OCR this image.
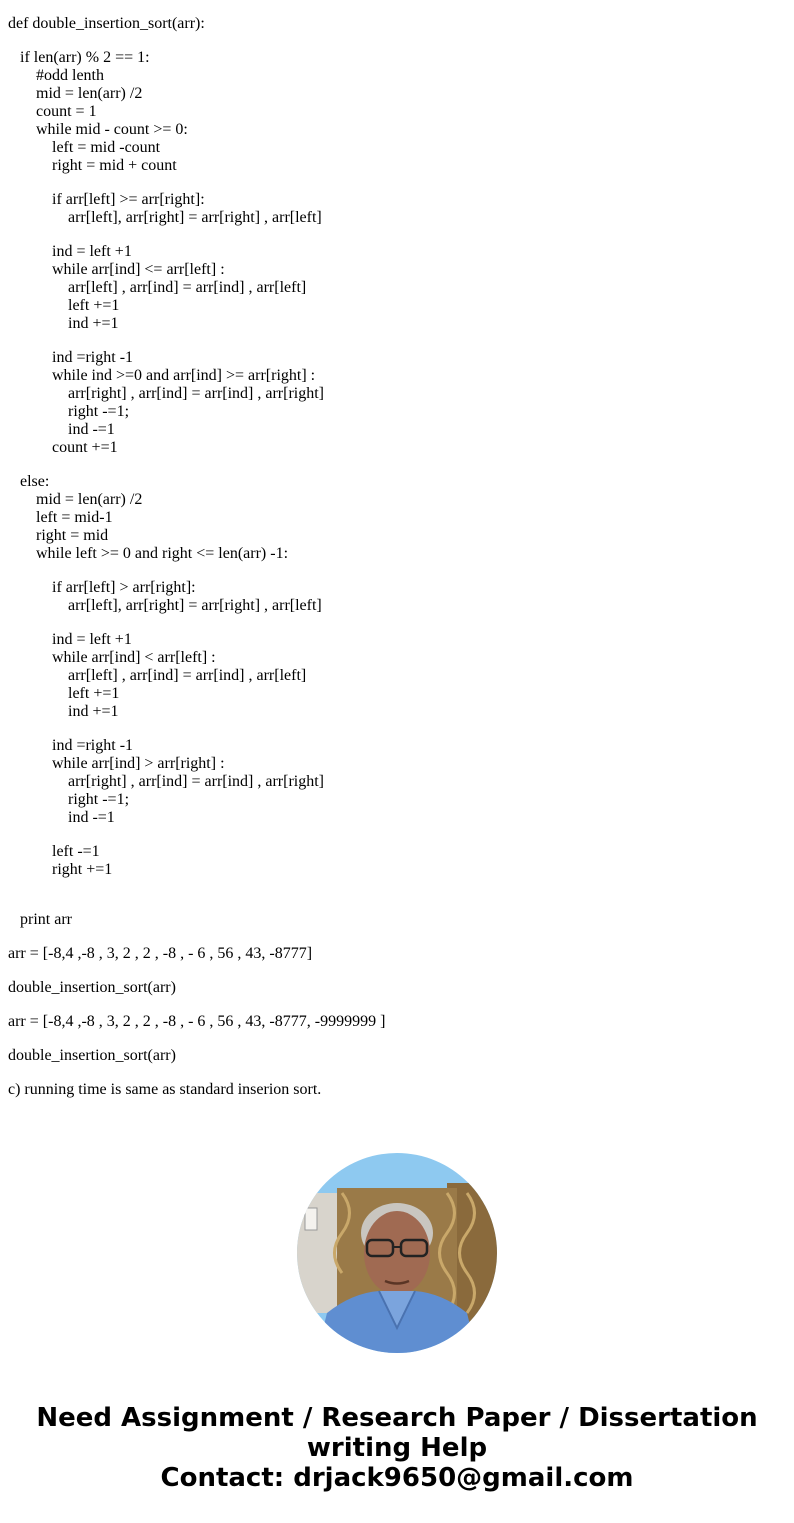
def double_insertion_sort(arr):
if len(arr) % 2 == 1:
#odd lenth
mid = len(arr) /2
count = 1
while mid - count >= 0:
left = mid -count
right = mid + count
if arr[left] >= arr[right]:
arr[left], arr[right] = arr[right] , arr[left]
ind = left +1
while arr[ind] <= arr[left] :
arr[left] , arr[ind] = arr[ind] , arr[left]
left +=1
ind +=1
ind =right -1
while ind >=0 and arr[ind] >= arr[right] :
arr[right] , arr[ind] = arr[ind] , arr[right]
right -=1;
ind -=1
count +=1
else:
mid = len(arr) /2
left = mid-1
right = mid
while left >= 0 and right <= len(arr) -1:
if arr[left] > arr[right]:
arr[left], arr[right] = arr[right] , arr[left]
ind = left +1
while arr[ind] < arr[left] :
arr[left] , arr[ind] = arr[ind] , arr[left]
left +=1
ind +=1
ind =right -1
while arr[ind] > arr[right] :
arr[right] , arr[ind] = arr[ind] , arr[right]
right -=1;
ind -=1
left -=1
right +=1
print arr
arr = [-8,4 ,-8 , 3, 2 , 2 , -8 , - 6 , 56 , 43, -8777]
double_insertion_sort(arr)
arr = [-8,4 ,-8 , 3, 2 , 2 , -8 , - 6 , 56 , 43, -8777, -9999999 ]
double_insertion_sort(arr)
c) running time is same as standard inserion sort.
Need Assignment / Research Paper / Dissertation
writing Help
Contact: drjack9650@gmail.com
